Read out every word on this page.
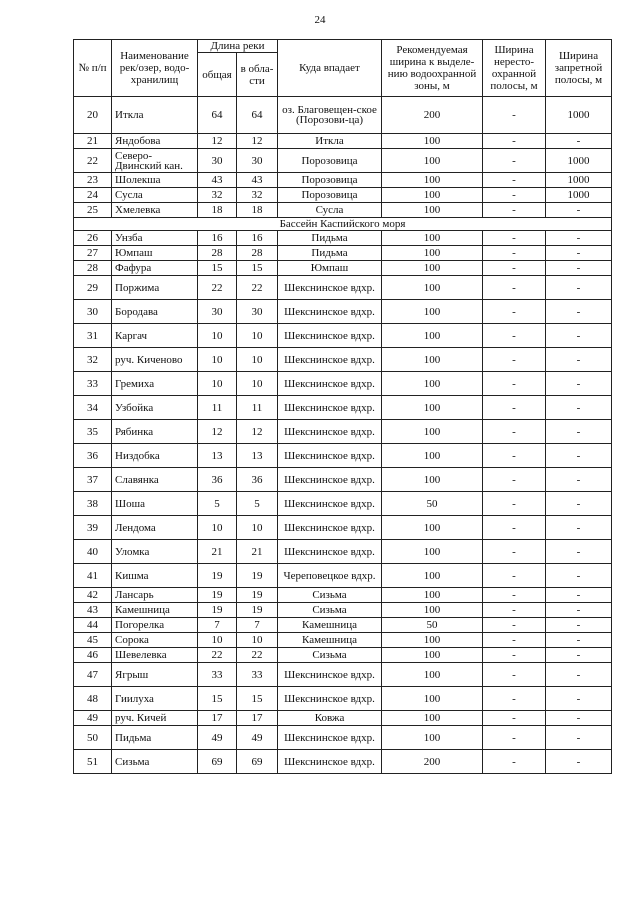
24
№ п/п	Наименование рек/озер, водо-хранилищ	Длина реки		Куда впадает	Рекомендуемая ширина к выделе-нию водоохранной зоны, м	Ширина нересто-охранной полосы, м	Ширина запретной полосы, м
		общая	в обла-сти				
20	Иткла	64	64	оз. Благовещен-ское (Порозови-ца)	200	-	1000
21	Яндобова	12	12	Иткла	100	-	-
22	Северо-Двинский кан.	30	30	Порозовица	100	-	1000
23	Шолекша	43	43	Порозовица	100	-	1000
24	Сусла	32	32	Порозовица	100	-	1000
25	Хмелевка	18	18	Сусла	100	-	-
Бассейн Каспийского моря							
26	Унзба	16	16	Пидьма	100	-	-
27	Юмпаш	28	28	Пидьма	100	-	-
28	Фафура	15	15	Юмпаш	100	-	-
29	Поржима	22	22	Шекснинское вдхр.	100	-	-
30	Бородава	30	30	Шекснинское вдхр.	100	-	-
31	Каргач	10	10	Шекснинское вдхр.	100	-	-
32	руч. Киченово	10	10	Шекснинское вдхр.	100	-	-
33	Гремиха	10	10	Шекснинское вдхр.	100	-	-
34	Узбойка	11	11	Шекснинское вдхр.	100	-	-
35	Рябинка	12	12	Шекснинское вдхр.	100	-	-
36	Низдобка	13	13	Шекснинское вдхр.	100	-	-
37	Славянка	36	36	Шекснинское вдхр.	100	-	-
38	Шоша	5	5	Шекснинское вдхр.	50	-	-
39	Лендома	10	10	Шекснинское вдхр.	100	-	-
40	Уломка	21	21	Шекснинское вдхр.	100	-	-
41	Кишма	19	19	Череповецкое вдхр.	100	-	-
42	Лансарь	19	19	Сизьма	100	-	-
43	Камешница	19	19	Сизьма	100	-	-
44	Погорелка	7	7	Камешница	50	-	-
45	Сорока	10	10	Камешница	100	-	-
46	Шевелевка	22	22	Сизьма	100	-	-
47	Ягрыш	33	33	Шекснинское вдхр.	100	-	-
48	Гиилуха	15	15	Шекснинское вдхр.	100	-	-
49	руч. Кичей	17	17	Ковжа	100	-	-
50	Пидьма	49	49	Шекснинское вдхр.	100	-	-
51	Сизьма	69	69	Шекснинское вдхр.	200	-	-
